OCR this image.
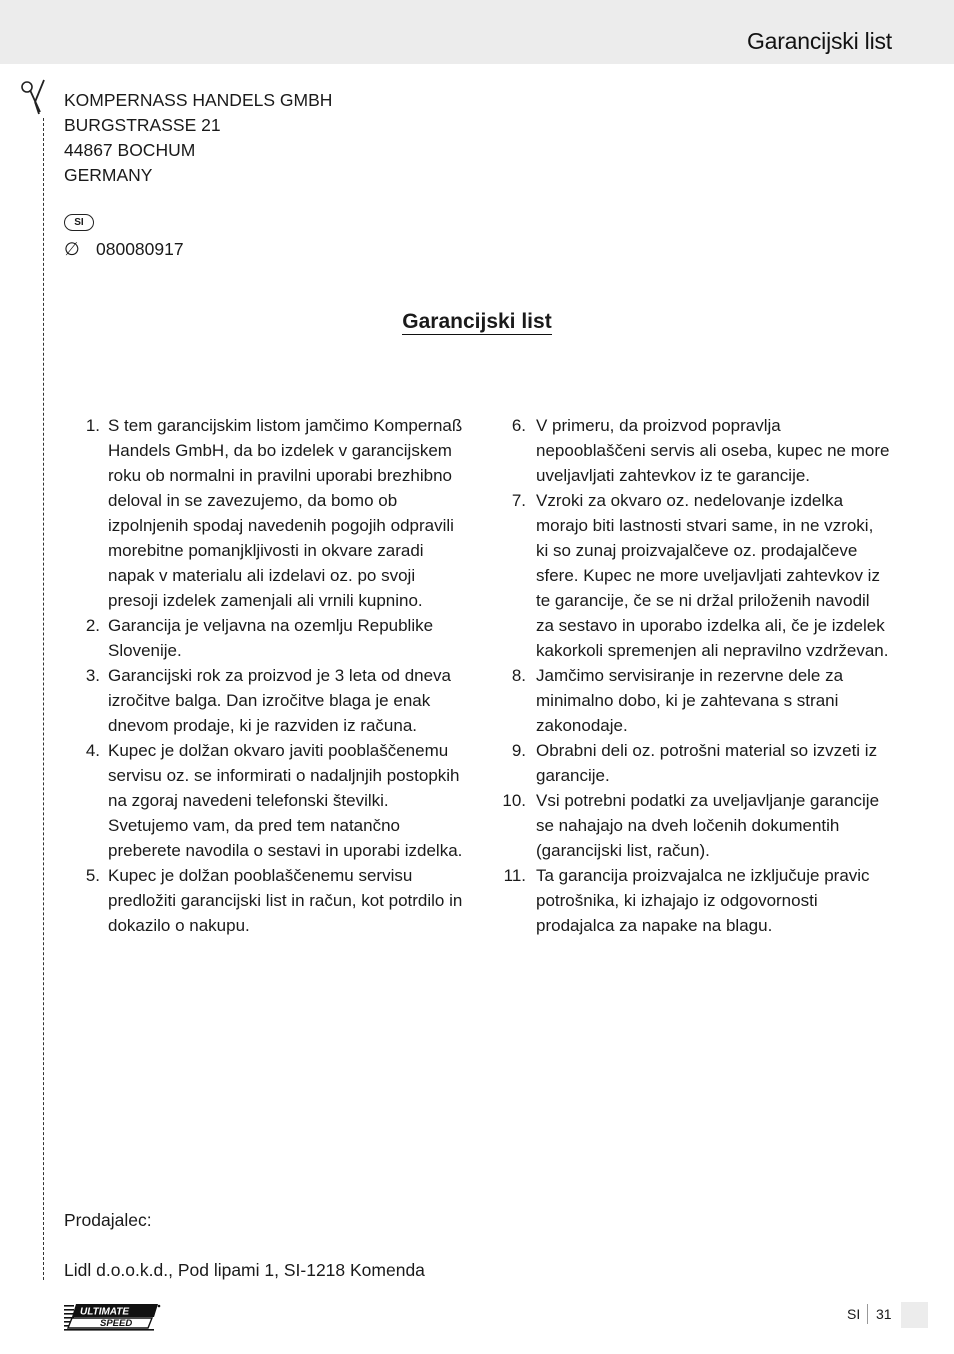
Garancijski list
KOMPERNASS HANDELS GMBH
BURGSTRASSE 21
44867 BOCHUM
GERMANY
SI
∅ 080080917
Garancijski list
1. S tem garancijskim listom jamčimo Kompernaß Handels GmbH, da bo izdelek v garancijskem roku ob normalni in pravilni uporabi brezhibno deloval in se zavezujemo, da bomo ob izpolnjenih spodaj navedenih pogojih odpravili morebitne pomanjkljivosti in okvare zaradi napak v materialu ali izdelavi oz. po svoji presoji izdelek zamenjali ali vrnili kupnino.
2. Garancija je veljavna na ozemlju Republike Slovenije.
3. Garancijski rok za proizvod je 3 leta od dneva izročitve balga. Dan izročitve blaga je enak dnevom prodaje, ki je razviden iz računa.
4. Kupec je dolžan okvaro javiti pooblaščenemu servisu oz. se informirati o nadaljnjih postopkih na zgoraj navedeni telefonski številki. Svetujemo vam, da pred tem natančno preberete navodila o sestavi in uporabi izdelka.
5. Kupec je dolžan pooblaščenemu servisu predložiti garancijski list in račun, kot potrdilo in dokazilo o nakupu.
6. V primeru, da proizvod popravlja nepooblaščeni servis ali oseba, kupec ne more uveljavljati zahtevkov iz te garancije.
7. Vzroki za okvaro oz. nedelovanje izdelka morajo biti lastnosti stvari same, in ne vzroki, ki so zunaj proizvajalčeve oz. prodajalčeve sfere. Kupec ne more uveljavljati zahtevkov iz te garancije, če se ni držal priloženih navodil za sestavo in uporabo izdelka ali, če je izdelek kakorkoli spremenjen ali nepravilno vzdrževan.
8. Jamčimo servisiranje in rezervne dele za minimalno dobo, ki je zahtevana s strani zakonodaje.
9. Obrabni deli oz. potrošni material so izvzeti iz garancije.
10. Vsi potrebni podatki za uveljavljanje garancije se nahajajo na dveh ločenih dokumentih (garancijski list, račun).
11. Ta garancija proizvajalca ne izključuje pravic potrošnika, ki izhajajo iz odgovornosti prodajalca za napake na blagu.
Prodajalec:
Lidl d.o.o.k.d., Pod lipami 1, SI-1218 Komenda
ULTIMATE
SPEED
SI 31
